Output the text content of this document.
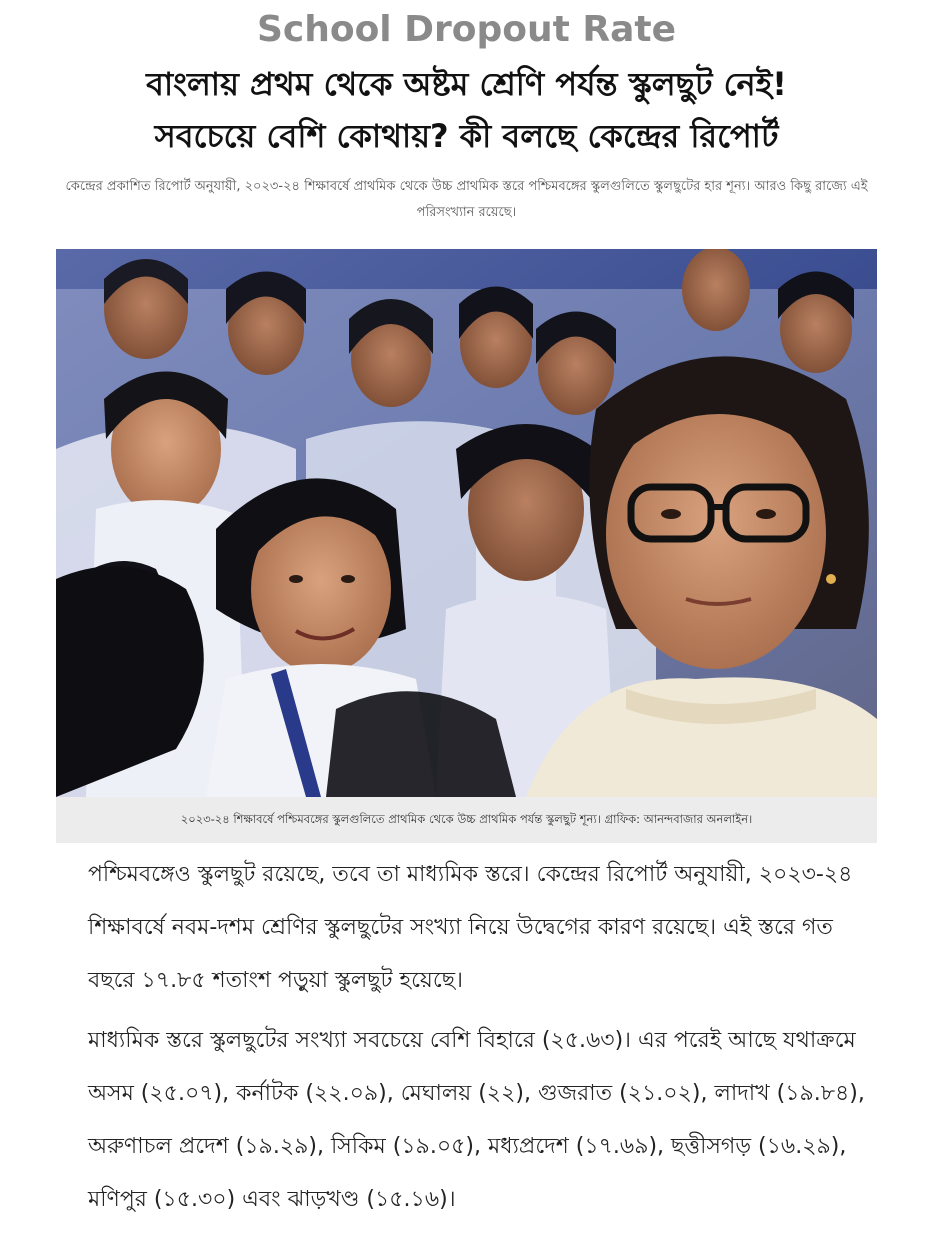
School Dropout Rate
বাংলায় প্রথম থেকে অষ্টম শ্রেণি পর্যন্ত স্কুলছুট নেই!
সবচেয়ে বেশি কোথায়? কী বলছে কেন্দ্রের রিপোর্ট
কেন্দ্রের প্রকাশিত রিপোর্ট অনুযায়ী, ২০২৩-২৪ শিক্ষাবর্ষে প্রাথমিক থেকে উচ্চ প্রাথমিক স্তরে পশ্চিমবঙ্গের স্কুলগুলিতে স্কুলছুটের হার শূন্য। আরও কিছু রাজ্যে এই পরিসংখ্যান রয়েছে।
২০২৩-২৪ শিক্ষাবর্ষে পশ্চিমবঙ্গের স্কুলগুলিতে প্রাথমিক থেকে উচ্চ প্রাথমিক পর্যন্ত স্কুলছুট শূন্য। গ্রাফিক: আনন্দবাজার অনলাইন।
পশ্চিমবঙ্গেও স্কুলছুট রয়েছে, তবে তা মাধ্যমিক স্তরে। কেন্দ্রের রিপোর্ট অনুযায়ী, ২০২৩-২৪ শিক্ষাবর্ষে নবম-দশম শ্রেণির স্কুলছুটের সংখ্যা নিয়ে উদ্বেগের কারণ রয়েছে। এই স্তরে গত বছরে ১৭.৮৫ শতাংশ পড়ুয়া স্কুলছুট হয়েছে।
মাধ্যমিক স্তরে স্কুলছুটের সংখ্যা সবচেয়ে বেশি বিহারে (২৫.৬৩)। এর পরেই আছে যথাক্রমে অসম (২৫.০৭), কর্নাটক (২২.০৯), মেঘালয় (২২), গুজরাত (২১.০২), লাদাখ (১৯.৮৪), অরুণাচল প্রদেশ (১৯.২৯), সিকিম (১৯.০৫), মধ্যপ্রদেশ (১৭.৬৯), ছত্তীসগড় (১৬.২৯), মণিপুর (১৫.৩০) এবং ঝাড়খণ্ড (১৫.১৬)।
